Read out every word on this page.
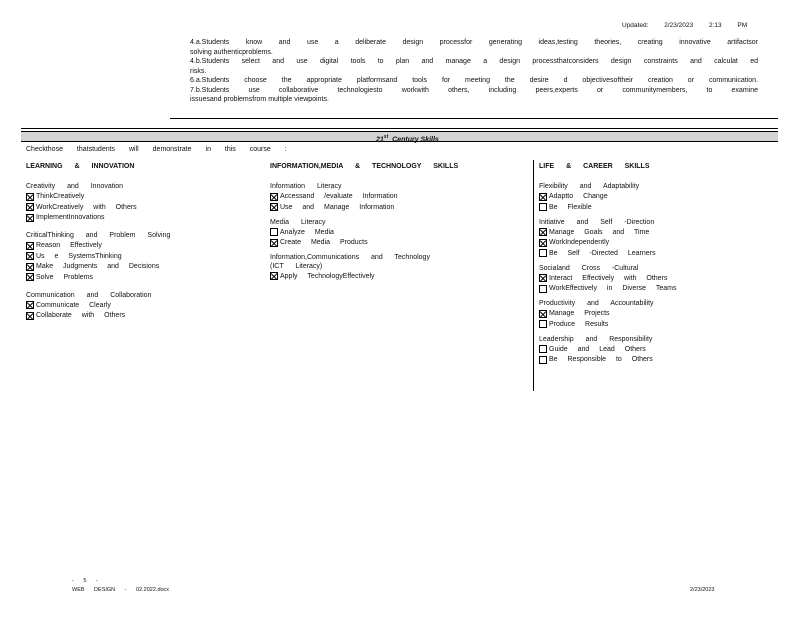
Updated: 2/23/2023 2:13 PM
4.a.Students know and use a deliberate design processfor generating ideas,testing theories, creating innovative artifactsor
solving authenticproblems.
4.b.Students select and use digital tools to plan and manage a design processthatconsiders design constraints and calculat ed
risks.
6.a.Students choose the appropriate platformsand tools for meeting the desire d objectivesoftheir creation or communication.
7.b.Students use collaborative technologiesto workwith others, including peers,experts or communitymembers, to examine
issuesand problemsfrom multiple viewpoints.
21st Century Skills
Checkthose thatstudents will demonstrate in this course :
LEARNING & INNOVATION
Creativity and Innovation
ThinkCreatively
WorkCreatively with Others
ImplementInnovations
CriticalThinking and Problem Solving
Reason Effectively
Us e SystemsThinking
Make Judgments and Decisions
Solve Problems
Communication and Collaboration
Communicate Clearly
Collaborate with Others
INFORMATION,MEDIA & TECHNOLOGY SKILLS
Information Literacy
Accessand /evaluate Information
Use and Manage Information
Media Literacy
Analyze Media
Create Media Products
Information,Communications and Technology
(ICT Literacy)
Apply TechnologyEffectively
LIFE & CAREER SKILLS
Flexibility and Adaptability
Adaptto Change
Be Flexible
Initiative and Self -Direction
Manage Goals and Time
WorkIndependently
Be Self -Directed Learners
Socialand Cross -Cultural
Interact Effectively with Others
WorkEffectively in Diverse Teams
Productivity and Accountability
Manage Projects
Produce Results
Leadership and Responsibility
Guide and Lead Others
Be Responsible to Others
- 5 -
WEB DESIGN - 02.2022.docx	2/23/2023
